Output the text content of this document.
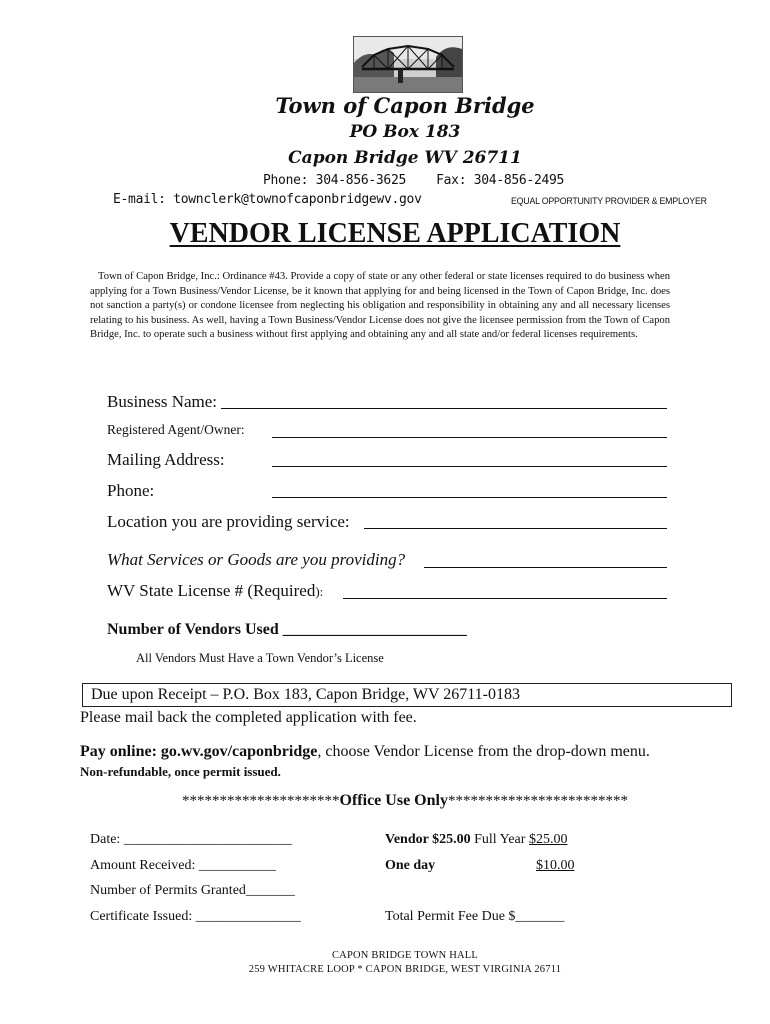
Town of Capon Bridge
PO Box 183
Capon Bridge WV 26711
Phone: 304-856-3625    Fax: 304-856-2495
E-mail: townclerk@townofcaponbridgewv.gov	EQUAL OPPORTUNITY PROVIDER & EMPLOYER
VENDOR LICENSE APPLICATION
Town of Capon Bridge, Inc.: Ordinance #43. Provide a copy of state or any other federal or state licenses required to do business when applying for a Town Business/Vendor License, be it known that applying for and being licensed in the Town of Capon Bridge, Inc. does not sanction a party(s) or condone licensee from neglecting his obligation and responsibility in obtaining any and all necessary licenses relating to his business. As well, having a Town Business/Vendor License does not give the licensee permission from the Town of Capon Bridge, Inc. to operate such a business without first applying and obtaining any and all state and/or federal licenses requirements.
Business Name:
Registered Agent/Owner:
Mailing Address:
Phone:
Location you are providing service:
What Services or Goods are you providing?
WV State License # (Required):
Number of Vendors Used _______________________
All Vendors Must Have a Town Vendor’s License
Due upon Receipt – P.O. Box 183, Capon Bridge, WV 26711-0183
Please mail back the completed application with fee.
Pay online: go.wv.gov/caponbridge, choose Vendor License from the drop-down menu.
Non-refundable, once permit issued.
*********************Office Use Only************************
Date: ________________________
Amount Received: ___________
Number of Permits Granted_______
Certificate Issued: _______________
Vendor $25.00 Full Year $25.00
One day	$10.00
Total Permit Fee Due $_______
CAPON BRIDGE TOWN HALL
259 WHITACRE LOOP * CAPON BRIDGE, WEST VIRGINIA 26711
